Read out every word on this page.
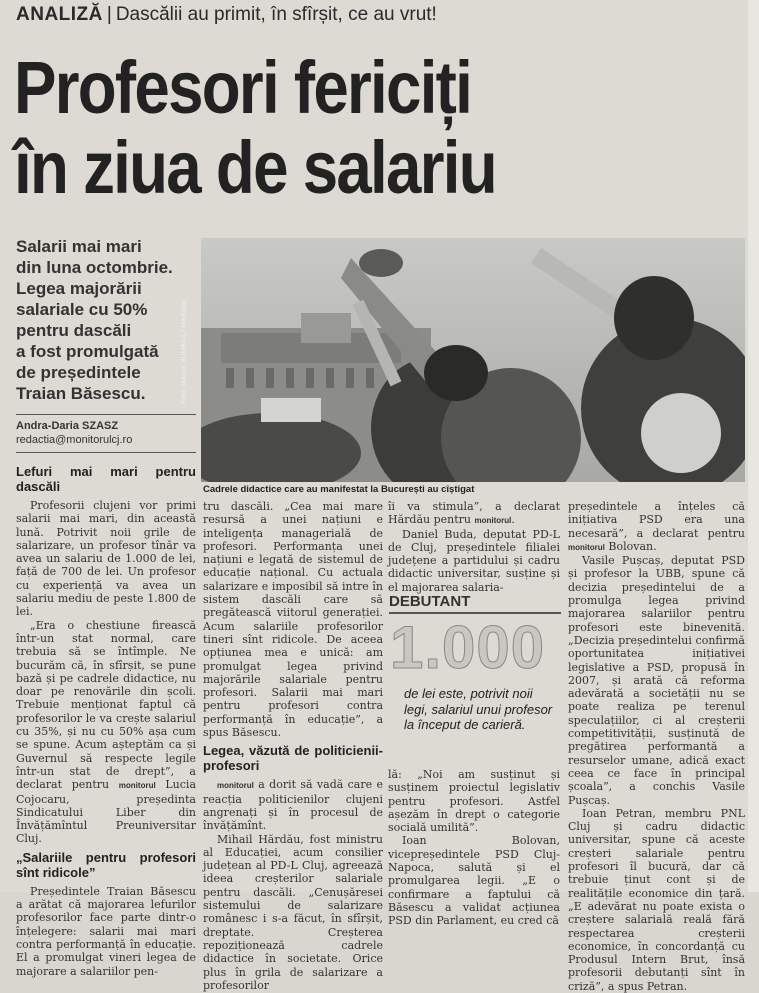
ANALIZĂ | Dascălii au primit, în sfîrșit, ce au vrut!
Profesori fericiți
în ziua de salariu
Salarii mai mari
din luna octombrie.
Legea majorării
salariale cu 50%
pentru dascăli
a fost promulgată
de președintele
Traian Băsescu.
Andra-Daria SZASZ
redactia@monitorulcj.ro
Foto: Marius BUMBAS / Mediafax
Cadrele didactice care au manifestat la București au cîștigat

Lefuri mai mari pentru dascăli

Profesorii clujeni vor primi salarii mai mari, din această lună. Potrivit noii grile de salarizare, un profesor tînăr va avea un salariu de 1.000 de lei, față de 700 de lei. Un profesor cu experiență va avea un salariu mediu de peste 1.800 de lei.

„Era o chestiune firească într-un stat normal, care trebuia să se întîmple. Ne bucurăm că, în sfîrșit, se pune bază și pe cadrele didactice, nu doar pe renovările din școli. Trebuie menționat faptul că profesorilor le va crește salariul cu 35%, și nu cu 50% așa cum se spune. Acum așteptăm ca și Guvernul să respecte legile într-un stat de drept”, a declarat pentru monitorul Lucia Cojocaru, președinta Sindicatului Liber din Învățămîntul Preuniversitar Cluj.

„Salariile pentru profesori sînt ridicole”

Președintele Traian Băsescu a arătat că majorarea lefurilor profesorilor face parte dintr-o înțelegere: salarii mai mari contra performanță în educație. El a promulgat vineri legea de majorare a salariilor pen-

tru dascăli. „Cea mai mare resursă a unei națiuni e inteligența managerială de profesori. Performanța unei națiuni e legată de sistemul de educație național. Cu actuala salarizare e imposibil să intre în sistem dascăli care să pregătească viitorul generației. Acum salariile profesorilor tineri sînt ridicole. De aceea opțiunea mea e unică: am promulgat legea privind majorările salariale pentru profesori. Salarii mai mari pentru profesori contra performanță în educație”, a spus Băsescu.

Legea, văzută de politicienii-profesori

monitorul a dorit să vadă care e reacția politicienilor clujeni angrenați și în procesul de învățămînt.

Mihail Hărdău, fost ministru al Educației, acum consilier județean al PD-L Cluj, agreează ideea creșterilor salariale pentru dascăli. „Cenușăresei sistemului de salarizare românesc i s-a făcut, în sfîrșit, dreptate. Creșterea repoziționează cadrele didactice în societate. Orice plus în grila de salarizare a profesorilor

îi va stimula”, a declarat Hărdău pentru monitorul.

Daniel Buda, deputat PD-L de Cluj, președintele filialei județene a partidului și cadru didactic universitar, susține și el majorarea salaria-

DEBUTANT
1.000
de lei este, potrivit noii legi, salariul unui profesor la început de carieră.

lă: „Noi am susținut și susținem proiectul legislativ pentru profesori. Astfel așezăm în drept o categorie socială umilită”.

Ioan Bolovan, vicepreședintele PSD Cluj-Napoca, salută și el promulgarea legii. „E o confirmare a faptului că Băsescu a validat acțiunea PSD din Parlament, eu cred că

președintele a înțeles că inițiativa PSD era una necesară”, a declarat pentru monitorul Bolovan.

Vasile Pușcaș, deputat PSD și profesor la UBB, spune că decizia președintelui de a promulga legea privind majorarea salariilor pentru profesori este binevenită. „Decizia președintelui confirmă oportunitatea inițiativei legislative a PSD, propusă în 2007, și arată că reforma adevărată a societății nu se poate realiza pe terenul speculațiilor, ci al creșterii competitivității, susținută de pregătirea performantă a resurselor umane, adică exact ceea ce face în principal școala”, a conchis Vasile Pușcaș.

Ioan Petran, membru PNL Cluj și cadru didactic universitar, spune că aceste creșteri salariale pentru profesori îl bucură, dar că trebuie ținut cont și de realitățile economice din țară. „E adevărat nu poate exista o creștere salarială reală fără respectarea creșterii economice, în concordanță cu Produsul Intern Brut, însă profesorii debutanți sînt în criză”, a spus Petran.
